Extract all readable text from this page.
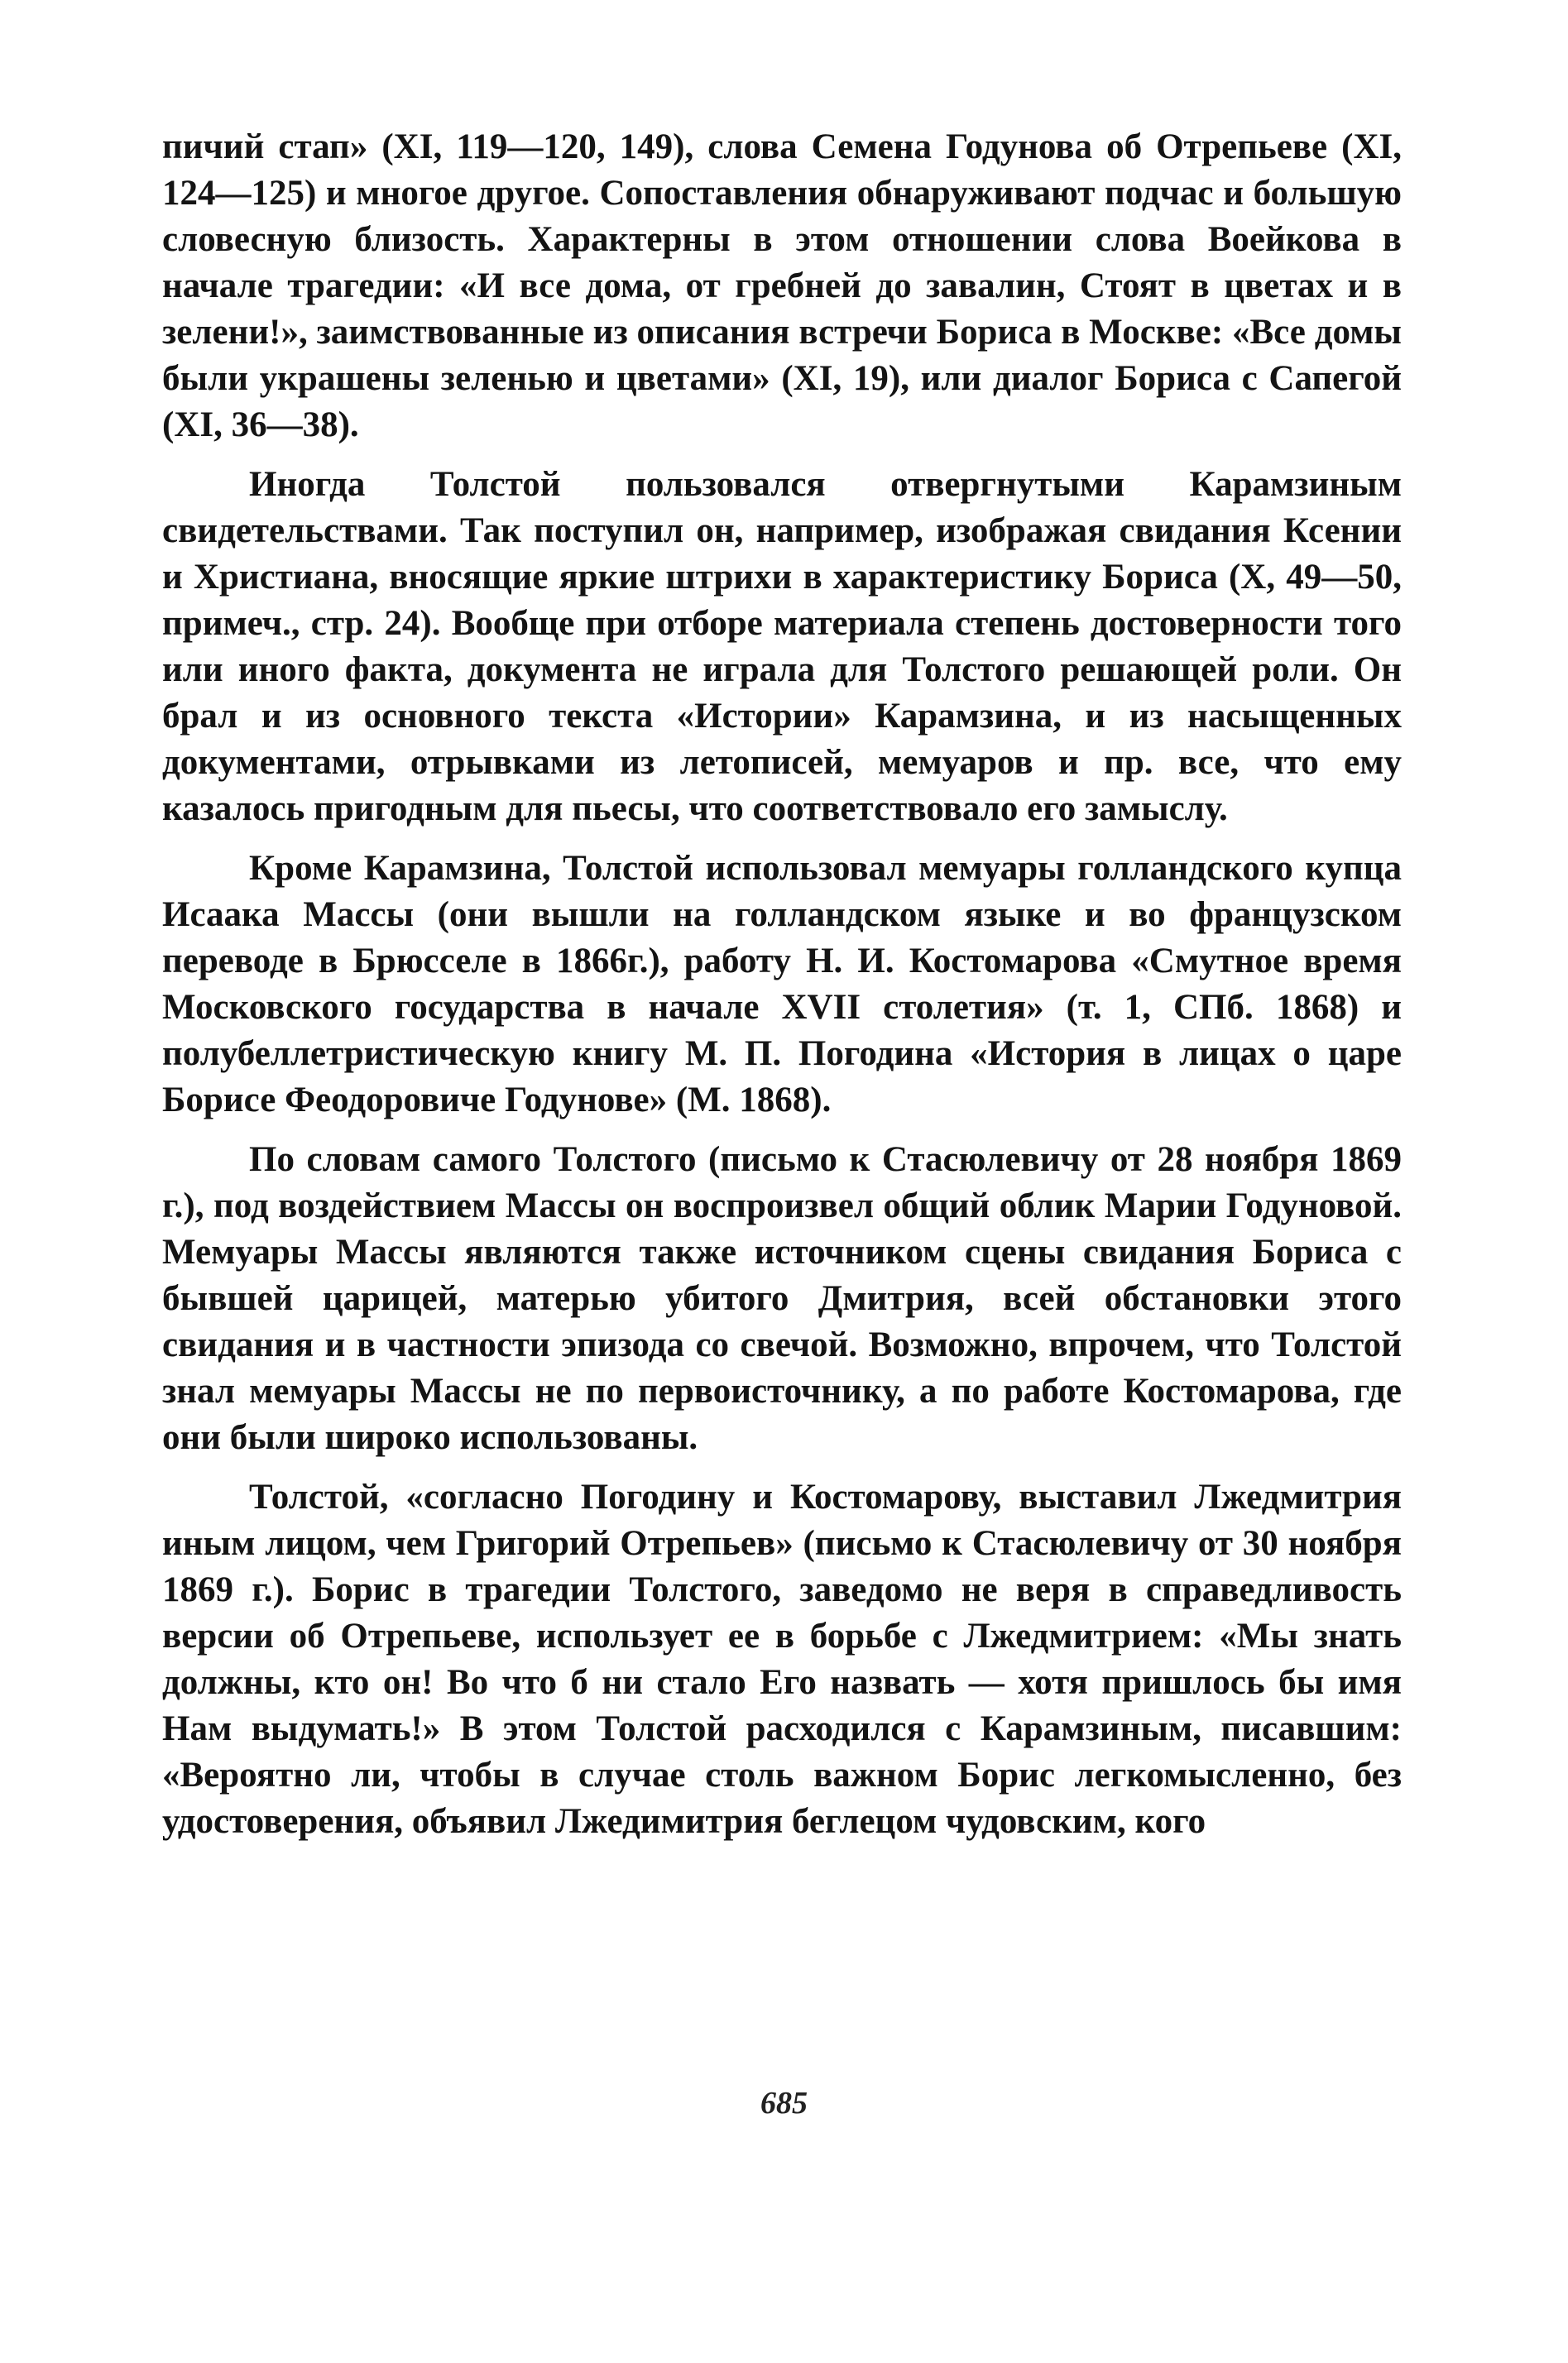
пичий стап» (XI, 119—120, 149), слова Семена Годунова об Отрепьеве (XI, 124—125) и многое другое. Сопоставления обнаруживают подчас и большую словесную близость. Характерны в этом отношении слова Воейкова в начале трагедии: «И все дома, от гребней до завалин, Стоят в цветах и в зелени!», заимствованные из описания встречи Бориса в Москве: «Все домы были украшены зеленью и цветами» (XI, 19), или диалог Бориса с Сапегой (XI, 36—38).

Иногда Толстой пользовался отвергнутыми Карамзиным свидетельствами. Так поступил он, например, изображая свидания Ксении и Христиана, вносящие яркие штрихи в характеристику Бориса (X, 49—50, примеч., стр. 24). Вообще при отборе материала степень достоверности того или иного факта, документа не играла для Толстого решающей роли. Он брал и из основного текста «Истории» Карамзина, и из насыщенных документами, отрывками из летописей, мемуаров и пр. все, что ему казалось пригодным для пьесы, что соответствовало его замыслу.

Кроме Карамзина, Толстой использовал мемуары голландского купца Исаака Массы (они вышли на голландском языке и во французском переводе в Брюсселе в 1866г.), работу Н. И. Костомарова «Смутное время Московского государства в начале XVII столетия» (т. 1, СПб. 1868) и полубеллетристическую книгу М. П. Погодина «История в лицах о царе Борисе Феодоровиче Годунове» (М. 1868).

По словам самого Толстого (письмо к Стасюлевичу от 28 ноября 1869 г.), под воздействием Массы он воспроизвел общий облик Марии Годуновой. Мемуары Массы являются также источником сцены свидания Бориса с бывшей царицей, матерью убитого Дмитрия, всей обстановки этого свидания и в частности эпизода со свечой. Возможно, впрочем, что Толстой знал мемуары Массы не по первоисточнику, а по работе Костомарова, где они были широко использованы.

Толстой, «согласно Погодину и Костомарову, выставил Лжедмитрия иным лицом, чем Григорий Отрепьев» (письмо к Стасюлевичу от 30 ноября 1869 г.). Борис в трагедии Толстого, заведомо не веря в справедливость версии об Отрепьеве, использует ее в борьбе с Лжедмитрием: «Мы знать должны, кто он! Во что б ни стало Его назвать — хотя пришлось бы имя Нам выдумать!» В этом Толстой расходился с Карамзиным, писавшим: «Вероятно ли, чтобы в случае столь важном Борис легкомысленно, без удостоверения, объявил Лжедимитрия беглецом чудовским, кого

685
